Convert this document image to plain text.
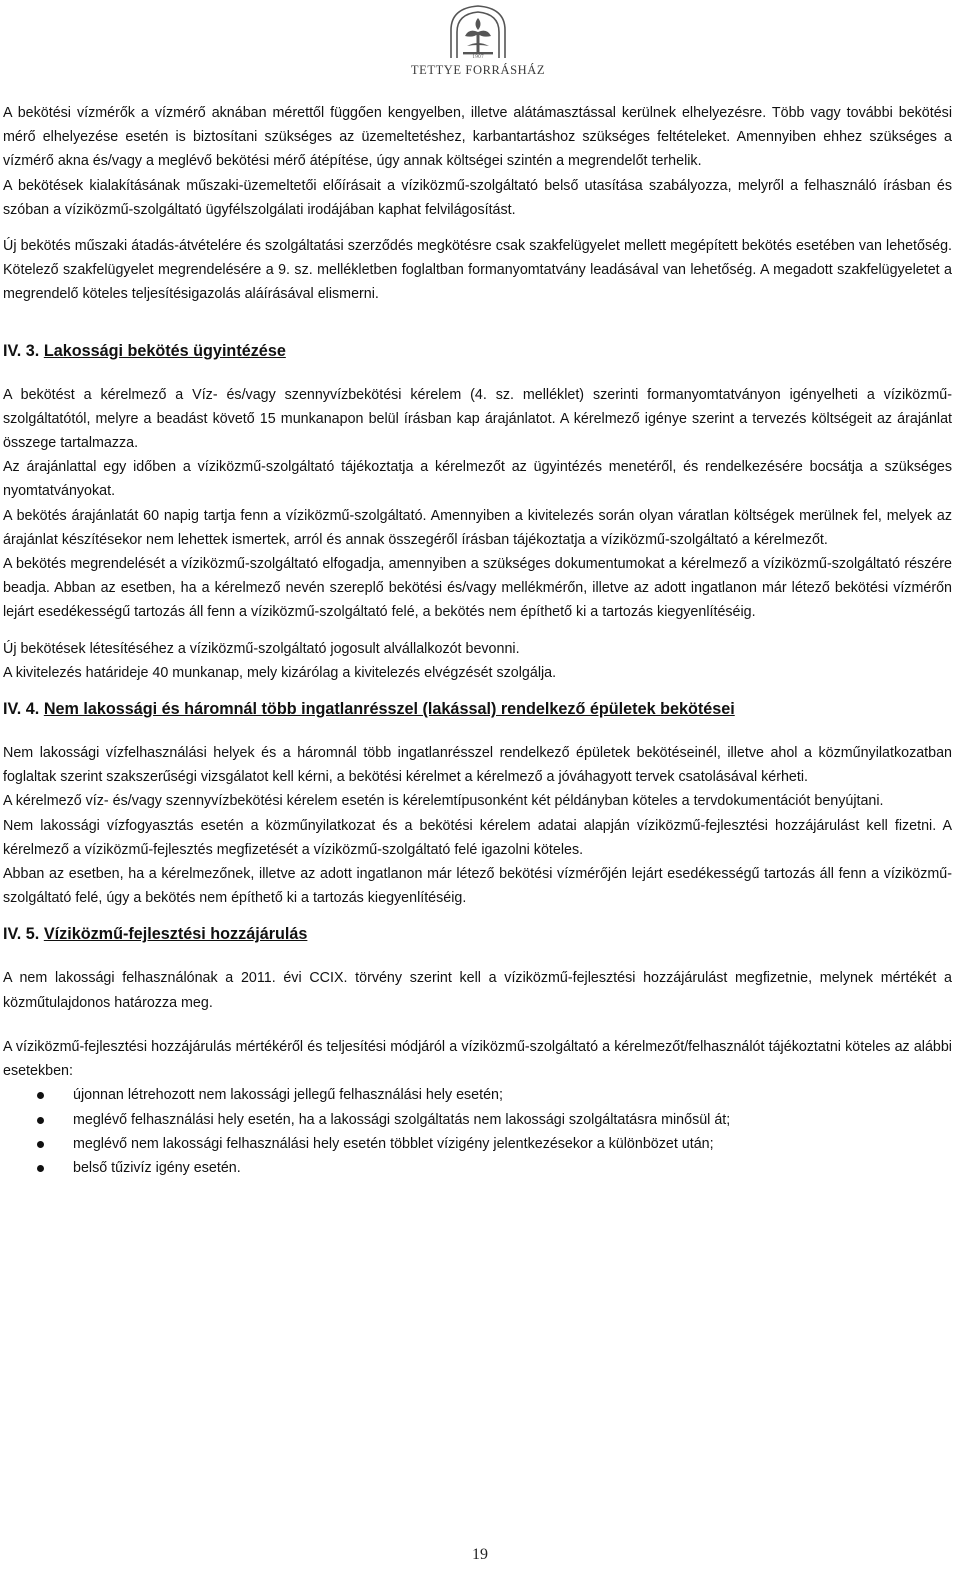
1907
TETTYE FORRÁSHÁZ

A bekötési vízmérők a vízmérő aknában mérettől függően kengyelben, illetve alátámasztással kerülnek elhelyezésre. Több vagy további bekötési mérő elhelyezése esetén is biztosítani szükséges az üzemeltetéshez, karbantartáshoz szükséges feltételeket. Amennyiben ehhez szükséges a vízmérő akna és/vagy a meglévő bekötési mérő átépítése, úgy annak költségei szintén a megrendelőt terhelik.

A bekötések kialakításának műszaki-üzemeltetői előírásait a víziközmű-szolgáltató belső utasítása szabályozza, melyről a felhasználó írásban és szóban a víziközmű-szolgáltató ügyfélszolgálati irodájában kaphat felvilágosítást.

Új bekötés műszaki átadás-átvételére és szolgáltatási szerződés megkötésre csak szakfelügyelet mellett megépített bekötés esetében van lehetőség. Kötelező szakfelügyelet megrendelésére a 9. sz. mellékletben foglaltban formanyomtatvány leadásával van lehetőség. A megadott szakfelügyeletet a megrendelő köteles teljesítésigazolás aláírásával elismerni.

IV. 3. Lakossági bekötés ügyintézése

A bekötést a kérelmező a Víz- és/vagy szennyvízbekötési kérelem (4. sz. melléklet) szerinti formanyomtatványon igényelheti a víziközmű-szolgáltatótól, melyre a beadást követő 15 munkanapon belül írásban kap árajánlatot. A kérelmező igénye szerint a tervezés költségeit az árajánlat összege tartalmazza.

Az árajánlattal egy időben a víziközmű-szolgáltató tájékoztatja a kérelmezőt az ügyintézés menetéről, és rendelkezésére bocsátja a szükséges nyomtatványokat.

A bekötés árajánlatát 60 napig tartja fenn a víziközmű-szolgáltató. Amennyiben a kivitelezés során olyan váratlan költségek merülnek fel, melyek az árajánlat készítésekor nem lehettek ismertek, arról és annak összegéről írásban tájékoztatja a víziközmű-szolgáltató a kérelmezőt.

A bekötés megrendelését a víziközmű-szolgáltató elfogadja, amennyiben a szükséges dokumentumokat a kérelmező a víziközmű-szolgáltató részére beadja. Abban az esetben, ha a kérelmező nevén szereplő bekötési és/vagy mellékmérőn, illetve az adott ingatlanon már létező bekötési vízmérőn lejárt esedékességű tartozás áll fenn a víziközmű-szolgáltató felé, a bekötés nem építhető ki a tartozás kiegyenlítéséig.

Új bekötések létesítéséhez a víziközmű-szolgáltató jogosult alvállalkozót bevonni.

A kivitelezés határideje 40 munkanap, mely kizárólag a kivitelezés elvégzését szolgálja.

IV. 4. Nem lakossági és háromnál több ingatlanrésszel (lakással) rendelkező épületek bekötései

Nem lakossági vízfelhasználási helyek és a háromnál több ingatlanrésszel rendelkező épületek bekötéseinél, illetve ahol a közműnyilatkozatban foglaltak szerint szakszerűségi vizsgálatot kell kérni, a bekötési kérelmet a kérelmező a jóváhagyott tervek csatolásával kérheti.

A kérelmező víz- és/vagy szennyvízbekötési kérelem esetén is kérelemtípusonként két példányban köteles a tervdokumentációt benyújtani.

Nem lakossági vízfogyasztás esetén a közműnyilatkozat és a bekötési kérelem adatai alapján víziközmű-fejlesztési hozzájárulást kell fizetni. A kérelmező a víziközmű-fejlesztés megfizetését a víziközmű-szolgáltató felé igazolni köteles.

Abban az esetben, ha a kérelmezőnek, illetve az adott ingatlanon már létező bekötési vízmérőjén lejárt esedékességű tartozás áll fenn a víziközmű-szolgáltató felé, úgy a bekötés nem építhető ki a tartozás kiegyenlítéséig.

IV. 5. Víziközmű-fejlesztési hozzájárulás

A nem lakossági felhasználónak a 2011. évi CCIX. törvény szerint kell a víziközmű-fejlesztési hozzájárulást megfizetnie, melynek mértékét a közműtulajdonos határozza meg.

A víziközmű-fejlesztési hozzájárulás mértékéről és teljesítési módjáról a víziközmű-szolgáltató a kérelmezőt/felhasználót tájékoztatni köteles az alábbi esetekben:

újonnan létrehozott nem lakossági jellegű felhasználási hely esetén;
meglévő felhasználási hely esetén, ha a lakossági szolgáltatás nem lakossági szolgáltatásra minősül át;
meglévő nem lakossági felhasználási hely esetén többlet vízigény jelentkezésekor a különbözet után;
belső tűzivíz igény esetén.
19
